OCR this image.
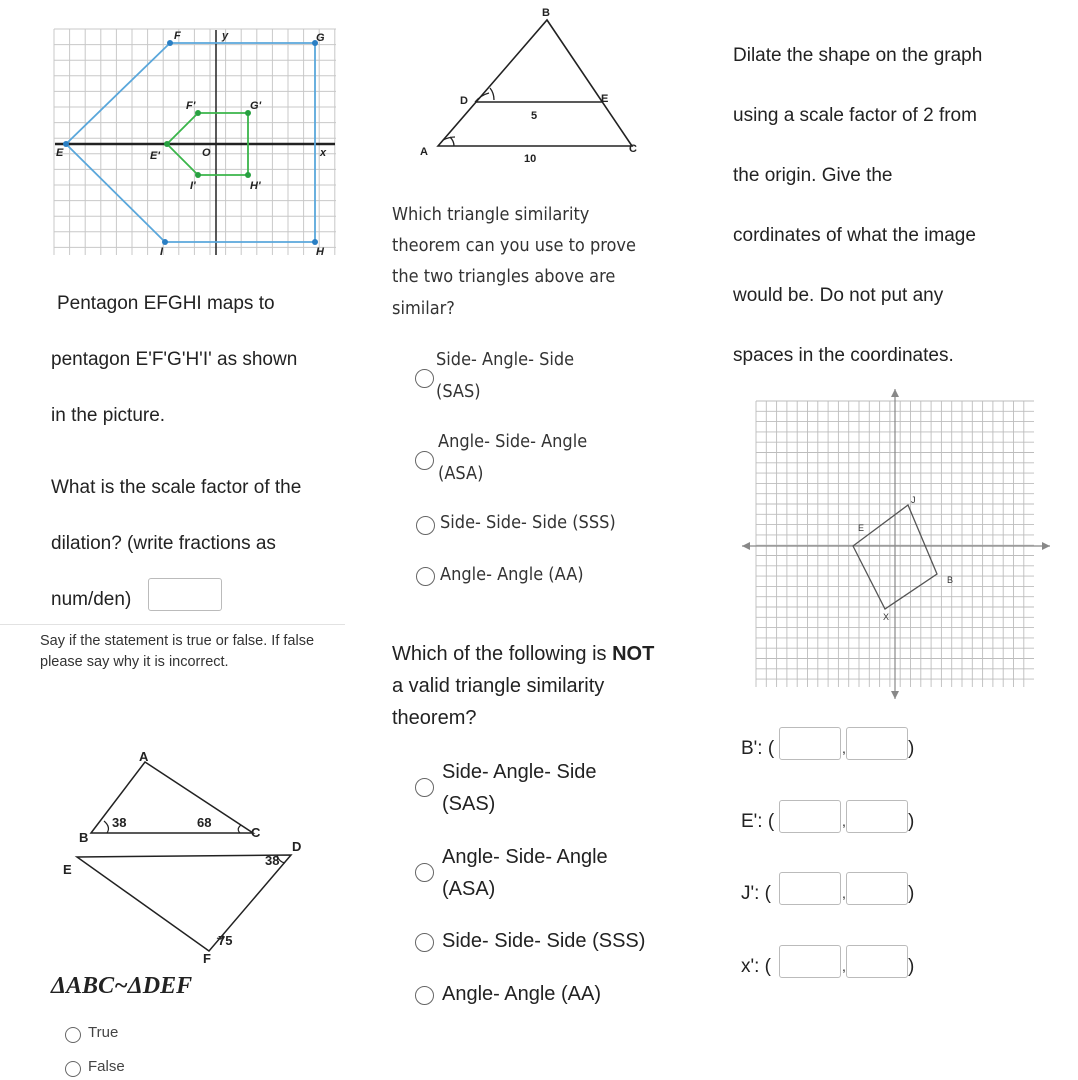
F	y	G
F'	G'
E	E'	O	x
I'	H'
I	H
Pentagon EFGHI maps to
pentagon E'F'G'H'I' as shown
in the picture.
What is the scale factor of the
dilation? (write fractions as
num/den)
Say if the statement is true or false. If false please say why it is incorrect.
A
B	C
38	68
D
E
F
38
75
ΔABC~ΔDEF
True
False
B
D	E
A	C
5
10
Which triangle similarity
theorem can you use to prove
the two triangles above are
similar?
Side- Angle- Side
(SAS)
Angle- Side- Angle
(ASA)
Side- Side- Side (SSS)
Angle- Angle (AA)
Which of the following is NOT
a valid triangle similarity
theorem?
Side- Angle- Side
(SAS)
Angle- Side- Angle
(ASA)
Side- Side- Side (SSS)
Angle- Angle (AA)
Dilate the shape on the graph
using a scale factor of 2 from
the origin. Give the
cordinates of what the image
would be. Do not put any
spaces in the coordinates.
E
J
B
X
B': (	,	)
E': (	,	)
J': (	,	)
x': (	,	)
